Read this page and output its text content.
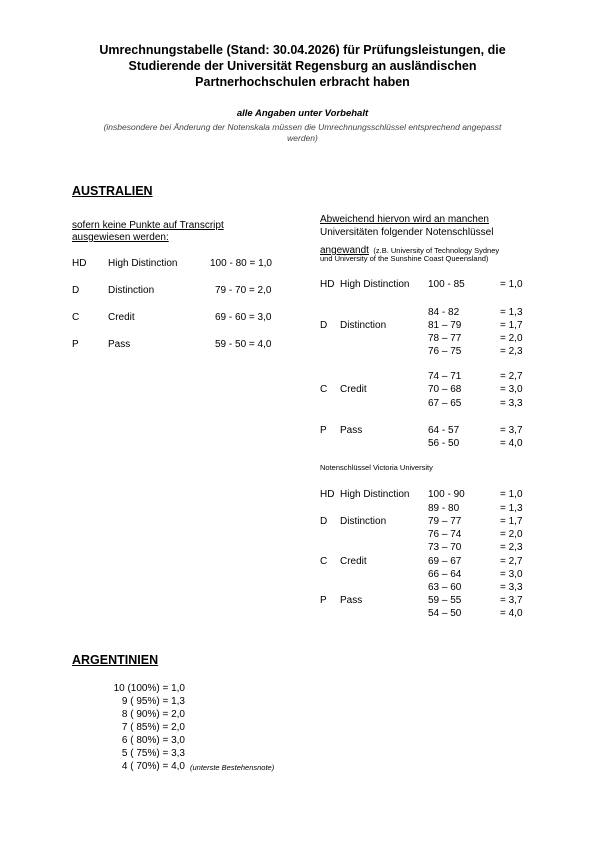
Umrechnungstabelle (Stand: 30.04.2026) für Prüfungsleistungen, die
Studierende der Universität Regensburg an ausländischen
Partnerhochschulen erbracht haben
alle Angaben unter Vorbehalt
(insbesondere bei Änderung der Notenskala müssen die Umrechnungsschlüssel entsprechend angepasst
werden)
AUSTRALIEN
sofern keine Punkte auf Transcript
ausgewiesen werden:
HD High Distinction	100 - 80 = 1,0
D	Distinction	79 - 70 = 2,0
C	Credit	69 - 60 = 3,0
P	Pass	59 - 50 = 4,0
Abweichend hiervon wird an manchen
Universitäten folgender Notenschlüssel
angewandt (z.B. University of Technology Sydney
und University of the Sunshine Coast Queensland)
HD High Distinction 100 - 85	= 1,0
84 - 82	= 1,3
D Distinction	81 – 79	= 1,7
78 – 77	= 2,0
76 – 75	= 2,3
74 – 71	= 2,7
C Credit	70 – 68	= 3,0
67 – 65	= 3,3
P Pass	64 - 57	= 3,7
56 - 50	= 4,0
Notenschlüssel Victoria University
HD High Distinction 100 - 90	= 1,0
89 - 80	= 1,3
D Distinction	79 – 77	= 1,7
76 – 74	= 2,0
73 – 70	= 2,3
C Credit	69 – 67	= 2,7
66 – 64	= 3,0
63 – 60	= 3,3
P Pass	59 – 55	= 3,7
54 – 50	= 4,0
ARGENTINIEN
10 (100%) = 1,0
9 ( 95%) = 1,3
8 ( 90%) = 2,0
7 ( 85%) = 2,0
6 ( 80%) = 3,0
5 ( 75%) = 3,3
4 ( 70%) = 4,0 (unterste Bestehensnote)
